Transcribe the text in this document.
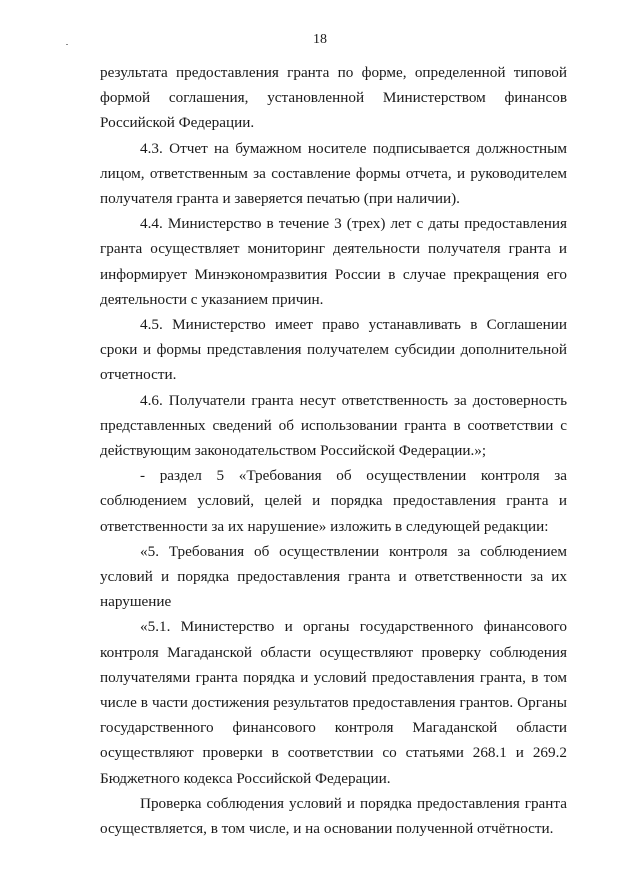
18

результата предоставления гранта по форме, определенной типовой формой соглашения, установленной Министерством финансов Российской Федерации.

4.3. Отчет на бумажном носителе подписывается должностным лицом, ответственным за составление формы отчета, и руководителем получателя гранта и заверяется печатью (при наличии).

4.4. Министерство в течение 3 (трех) лет с даты предоставления гранта осуществляет мониторинг деятельности получателя гранта и информирует Минэкономразвития России в случае прекращения его деятельности с указанием причин.

4.5. Министерство имеет право устанавливать в Соглашении сроки и формы представления получателем субсидии дополнительной отчетности.

4.6. Получатели гранта несут ответственность за достоверность представленных сведений об использовании гранта в соответствии с действующим законодательством Российской Федерации.»;

- раздел 5 «Требования об осуществлении контроля за соблюдением условий, целей и порядка предоставления гранта и ответственности за их нарушение» изложить в следующей редакции:

«5. Требования об осуществлении контроля за соблюдением условий и порядка предоставления гранта и ответственности за их нарушение

«5.1. Министерство и органы государственного финансового контроля Магаданской области осуществляют проверку соблюдения получателями гранта порядка и условий предоставления гранта, в том числе в части достижения результатов предоставления грантов. Органы государственного финансового контроля Магаданской области осуществляют проверки в соответствии со статьями 268.1 и 269.2 Бюджетного кодекса Российской Федерации.

Проверка соблюдения условий и порядка предоставления гранта осуществляется, в том числе, и на основании полученной отчётности.
